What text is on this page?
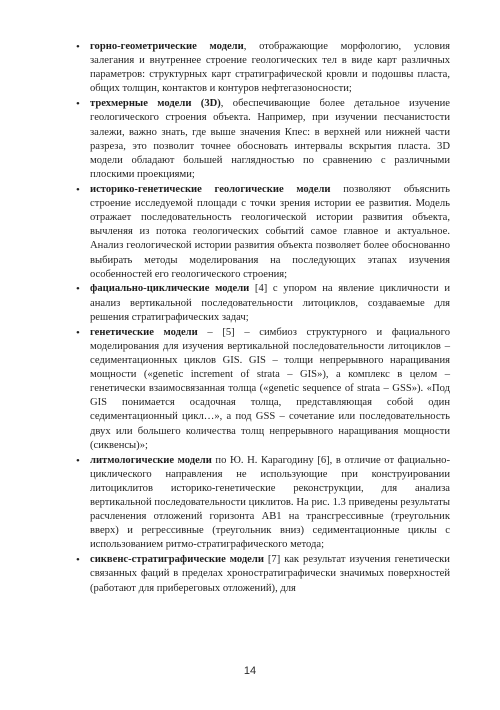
• горно-геометрические модели, отображающие морфологию, условия залегания и внутреннее строение геологических тел в виде карт различных параметров: структурных карт стратиграфической кровли и подошвы пласта, общих толщин, контактов и контуров нефтегазоносности;
• трехмерные модели (3D), обеспечивающие более детальное изучение геологического строения объекта. Например, при изучении песчанистости залежи, важно знать, где выше значения Кпес: в верхней или нижней части разреза, это позволит точнее обосновать интервалы вскрытия пласта. 3D модели обладают большей наглядностью по сравнению с различными плоскими проекциями;
• историко-генетические геологические модели позволяют объяснить строение исследуемой площади с точки зрения истории ее развития. Модель отражает последовательность геологической истории развития объекта, вычленяя из потока геологических событий самое главное и актуальное. Анализ геологической истории развития объекта позволяет более обоснованно выбирать методы моделирования на последующих этапах изучения особенностей его геологического строения;
• фациально-циклические модели [4] с упором на явление цикличности и анализ вертикальной последовательности литоциклов, создаваемые для решения стратиграфических задач;
• генетические модели – [5] – симбиоз структурного и фациального моделирования для изучения вертикальной последовательности литоциклов – седиментационных циклов GIS. GIS – толщи непрерывного наращивания мощности («genetic increment of strata – GIS»), а комплекс в целом – генетически взаимосвязанная толща («genetic sequence of strata – GSS»). «Под GIS понимается осадочная толща, представляющая собой один седиментационный цикл…», а под GSS – сочетание или последовательность двух или большего количества толщ непрерывного наращивания мощности (сиквенсы)»;
• литмологические модели по Ю. Н. Карагодину [6], в отличие от фациально-циклического направления не использующие при конструировании литоциклитов историко-генетические реконструкции, для анализа вертикальной последовательности циклитов. На рис. 1.3 приведены результаты расчленения отложений горизонта АВ1 на трансгрессивные (треугольник вверх) и регрессивные (треугольник вниз) седиментационные циклы с использованием ритмо-стратиграфического метода;
• сиквенс-стратиграфические модели [7] как результат изучения генетически связанных фаций в пределах хроностратиграфически значимых поверхностей (работают для прибереговых отложений), для
14
